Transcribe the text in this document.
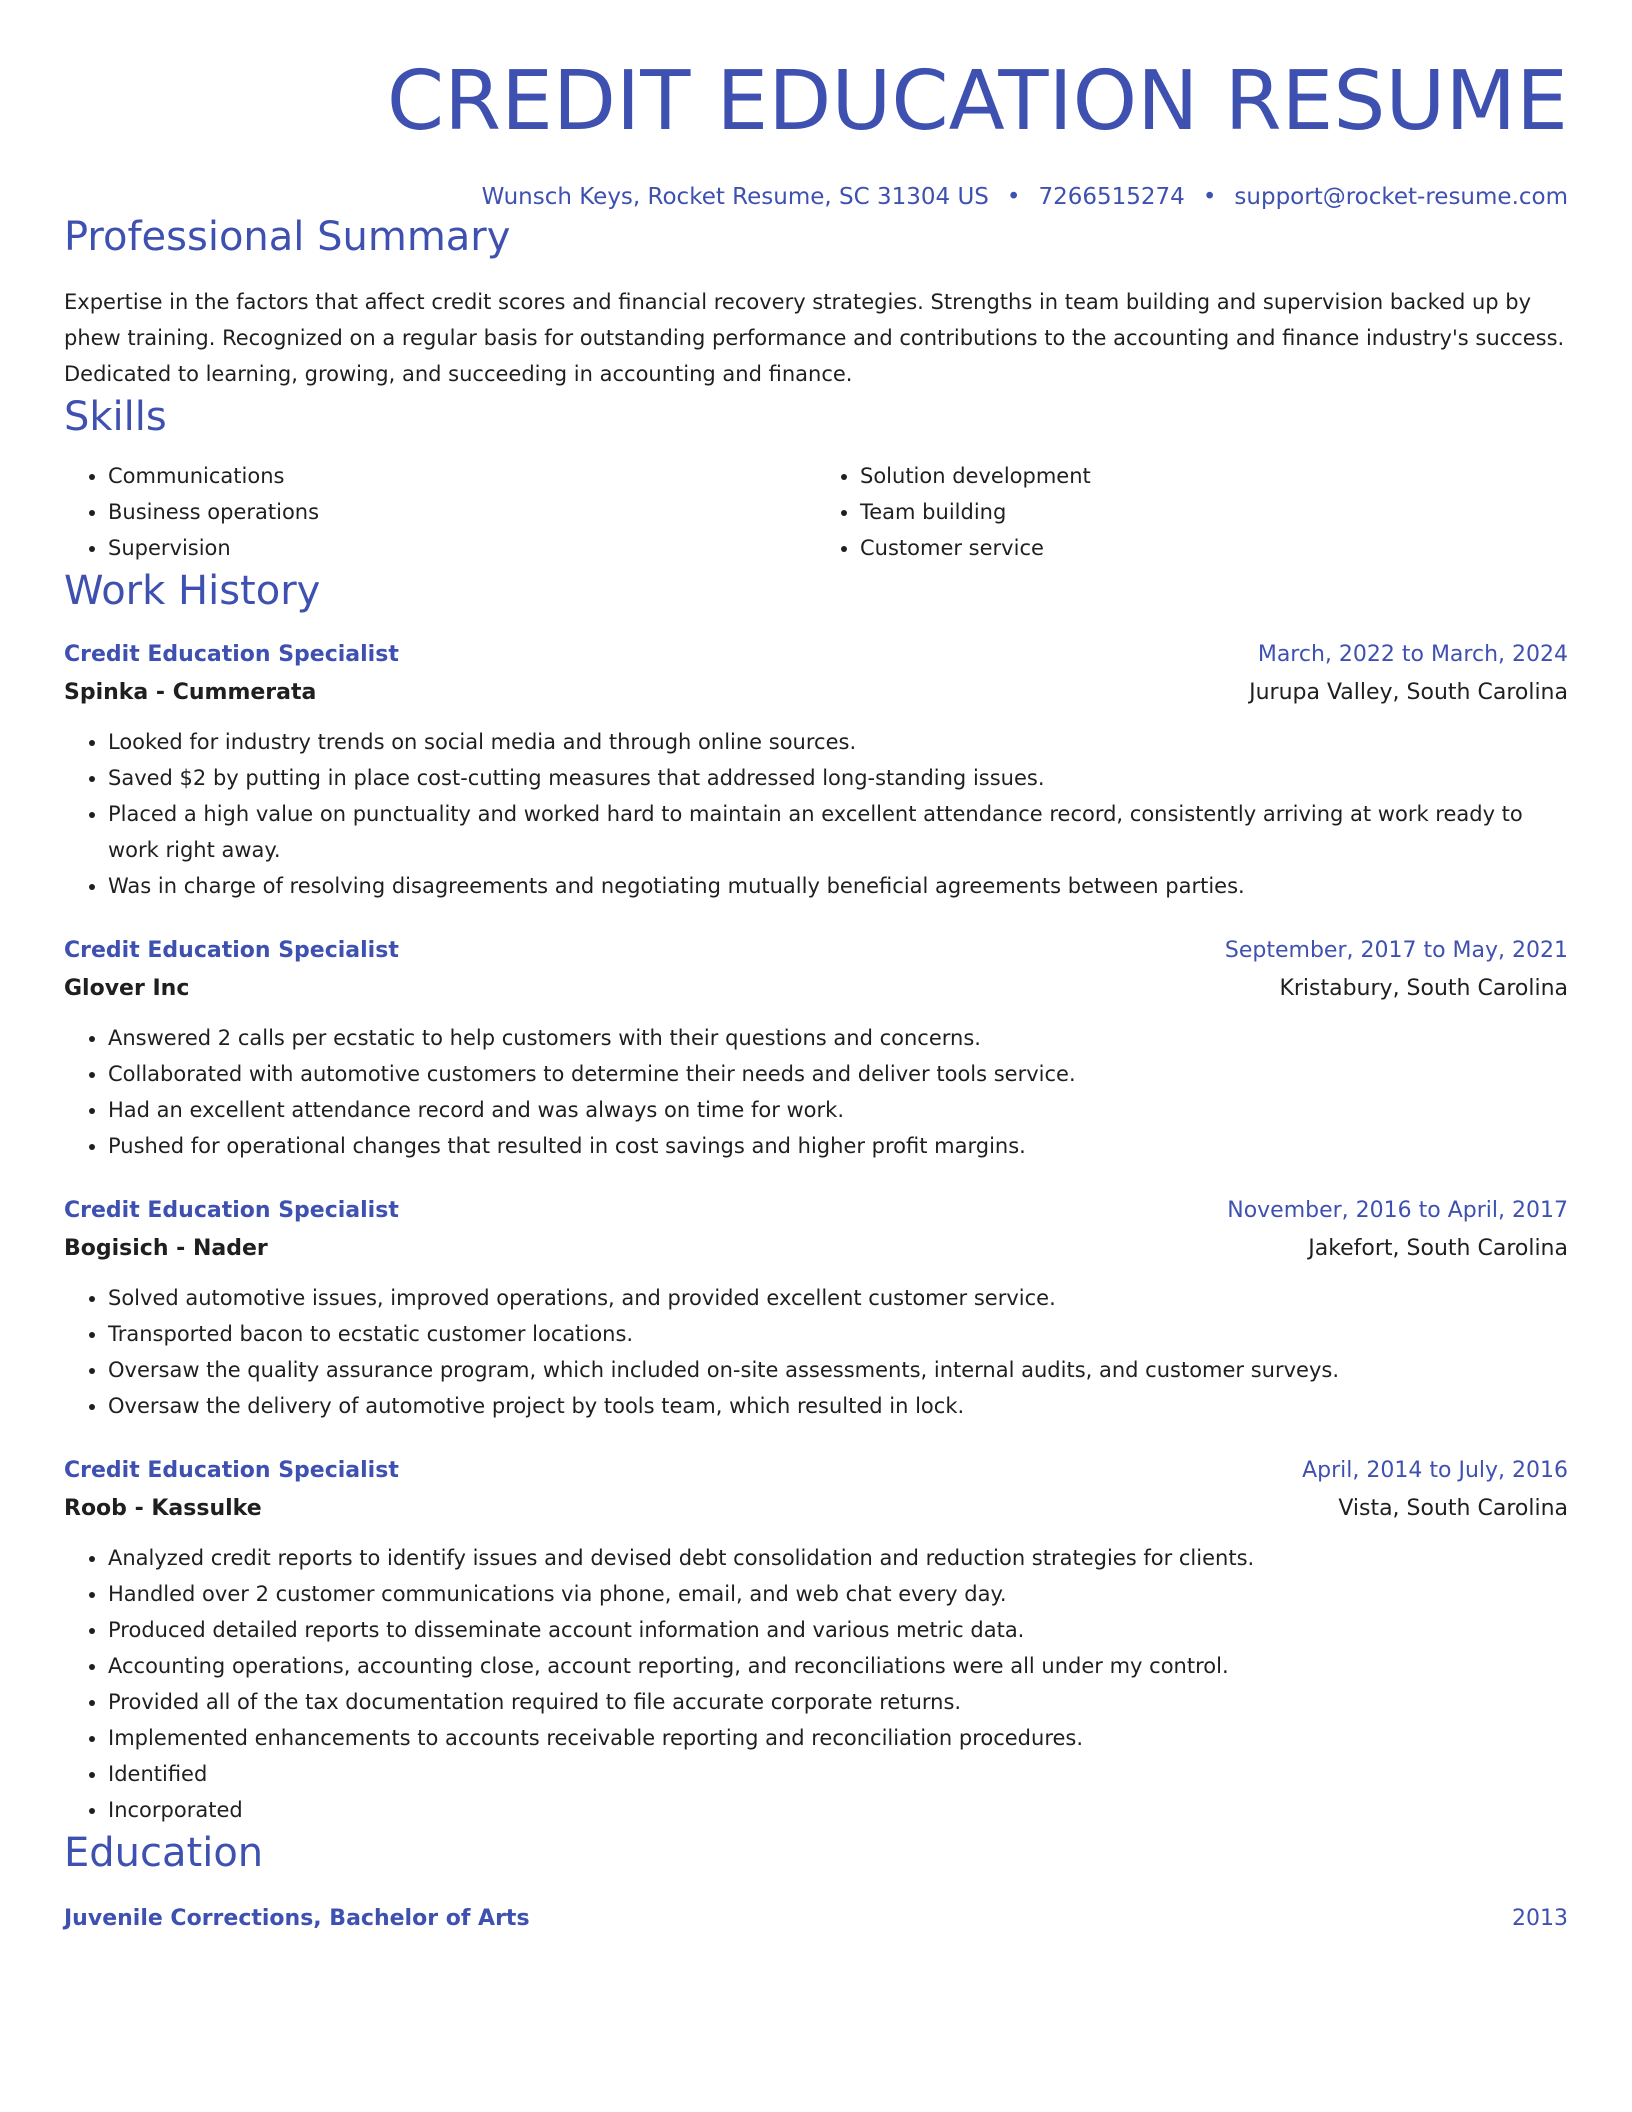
CREDIT EDUCATION RESUME
Wunsch Keys, Rocket Resume, SC 31304 US • 7266515274 • support@rocket-resume.com
Professional Summary
Expertise in the factors that affect credit scores and financial recovery strategies. Strengths in team building and supervision backed up by phew training. Recognized on a regular basis for outstanding performance and contributions to the accounting and finance industry's success. Dedicated to learning, growing, and succeeding in accounting and finance.
Skills
• Communications
• Business operations
• Supervision
• Solution development
• Team building
• Customer service
Work History
Credit Education Specialist	March, 2022 to March, 2024
Spinka - Cummerata	Jurupa Valley, South Carolina
• Looked for industry trends on social media and through online sources.
• Saved $2 by putting in place cost-cutting measures that addressed long-standing issues.
• Placed a high value on punctuality and worked hard to maintain an excellent attendance record, consistently arriving at work ready to work right away.
• Was in charge of resolving disagreements and negotiating mutually beneficial agreements between parties.
Credit Education Specialist	September, 2017 to May, 2021
Glover Inc	Kristabury, South Carolina
• Answered 2 calls per ecstatic to help customers with their questions and concerns.
• Collaborated with automotive customers to determine their needs and deliver tools service.
• Had an excellent attendance record and was always on time for work.
• Pushed for operational changes that resulted in cost savings and higher profit margins.
Credit Education Specialist	November, 2016 to April, 2017
Bogisich - Nader	Jakefort, South Carolina
• Solved automotive issues, improved operations, and provided excellent customer service.
• Transported bacon to ecstatic customer locations.
• Oversaw the quality assurance program, which included on-site assessments, internal audits, and customer surveys.
• Oversaw the delivery of automotive project by tools team, which resulted in lock.
Credit Education Specialist	April, 2014 to July, 2016
Roob - Kassulke	Vista, South Carolina
• Analyzed credit reports to identify issues and devised debt consolidation and reduction strategies for clients.
• Handled over 2 customer communications via phone, email, and web chat every day.
• Produced detailed reports to disseminate account information and various metric data.
• Accounting operations, accounting close, account reporting, and reconciliations were all under my control.
• Provided all of the tax documentation required to file accurate corporate returns.
• Implemented enhancements to accounts receivable reporting and reconciliation procedures.
• Identified
• Incorporated
Education
Juvenile Corrections, Bachelor of Arts	2013
